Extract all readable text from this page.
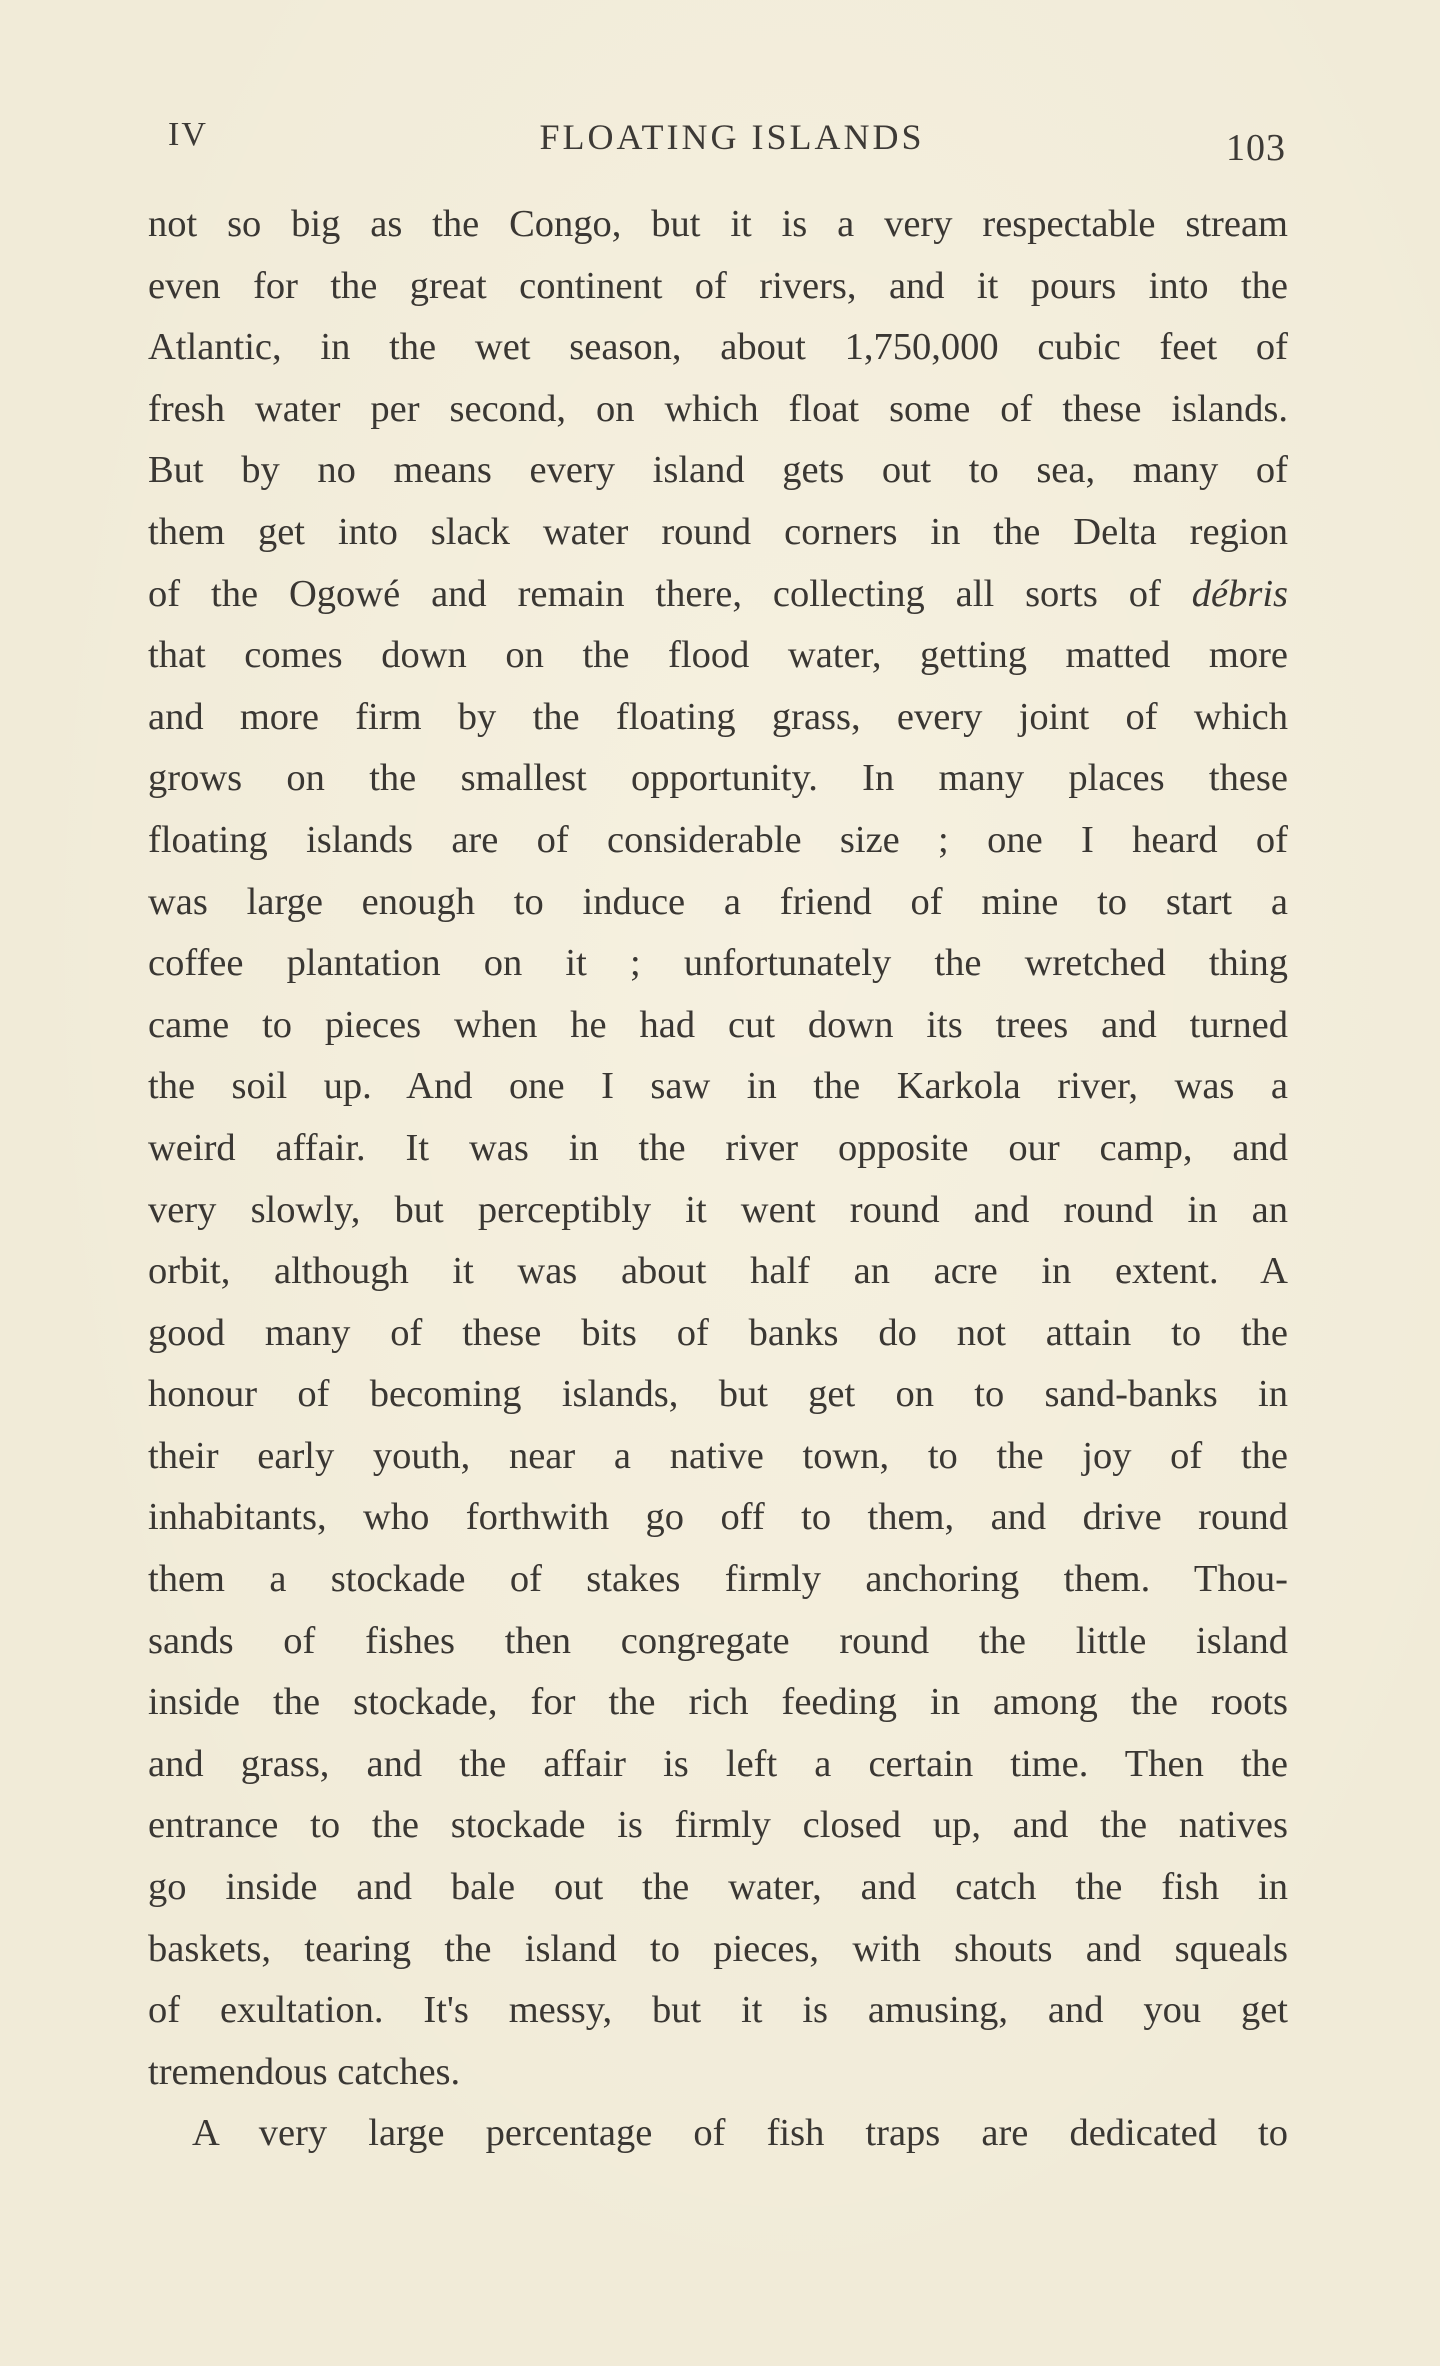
IV	FLOATING ISLANDS	103
not so big as the Congo, but it is a very respectable stream
even for the great continent of rivers, and it pours into the
Atlantic, in the wet season, about 1,750,000 cubic feet of
fresh water per second, on which float some of these islands.
But by no means every island gets out to sea, many of
them get into slack water round corners in the Delta region
of the Ogowé and remain there, collecting all sorts of débris
that comes down on the flood water, getting matted more
and more firm by the floating grass, every joint of which
grows on the smallest opportunity. In many places these
floating islands are of considerable size ; one I heard of
was large enough to induce a friend of mine to start a
coffee plantation on it ; unfortunately the wretched thing
came to pieces when he had cut down its trees and turned
the soil up. And one I saw in the Karkola river, was a
weird affair. It was in the river opposite our camp, and
very slowly, but perceptibly it went round and round in an
orbit, although it was about half an acre in extent. A
good many of these bits of banks do not attain to the
honour of becoming islands, but get on to sand-banks in
their early youth, near a native town, to the joy of the
inhabitants, who forthwith go off to them, and drive round
them a stockade of stakes firmly anchoring them. Thou-
sands of fishes then congregate round the little island
inside the stockade, for the rich feeding in among the roots
and grass, and the affair is left a certain time. Then the
entrance to the stockade is firmly closed up, and the natives
go inside and bale out the water, and catch the fish in
baskets, tearing the island to pieces, with shouts and squeals
of exultation. It's messy, but it is amusing, and you get
tremendous catches.
A very large percentage of fish traps are dedicated to
